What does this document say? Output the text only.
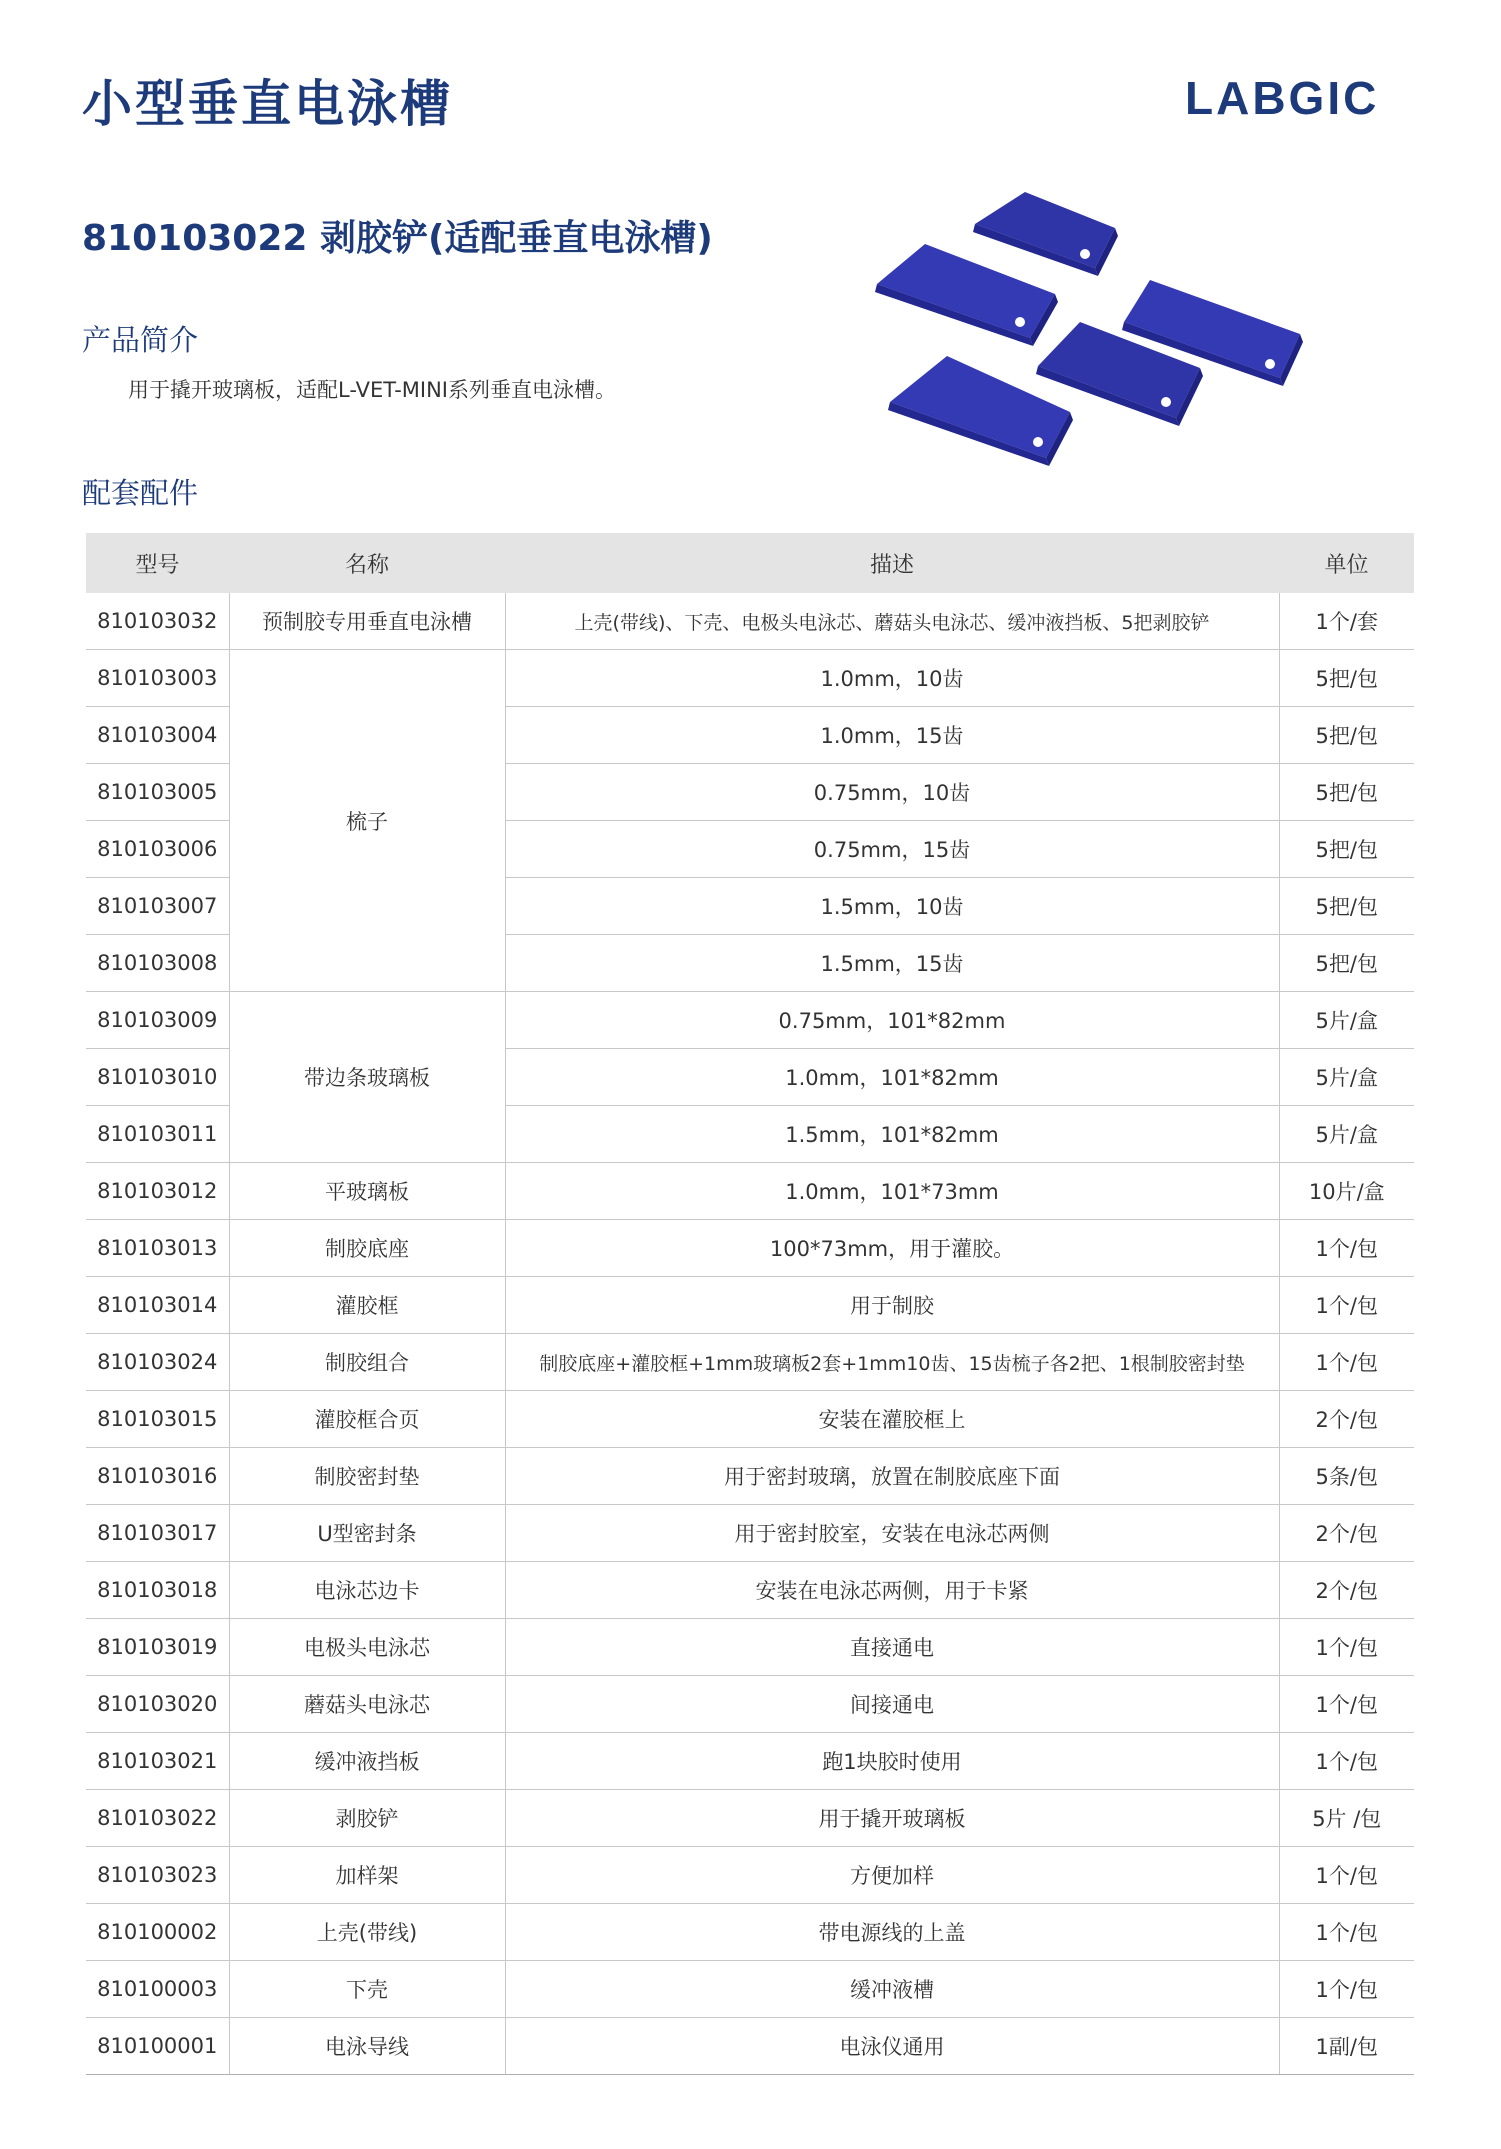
小型垂直电泳槽	LABGIC
810103022 剥胶铲(适配垂直电泳槽)
产品简介
用于撬开玻璃板，适配L-VET-MINI系列垂直电泳槽。
配套配件
型号	名称	描述	单位
810103032	预制胶专用垂直电泳槽	上壳(带线)、下壳、电极头电泳芯、蘑菇头电泳芯、缓冲液挡板、5把剥胶铲	1个/套
810103003	梳子	1.0mm，10齿	5把/包
810103004		1.0mm，15齿	5把/包
810103005		0.75mm，10齿	5把/包
810103006		0.75mm，15齿	5把/包
810103007		1.5mm，10齿	5把/包
810103008		1.5mm，15齿	5把/包
810103009	带边条玻璃板	0.75mm，101*82mm	5片/盒
810103010		1.0mm，101*82mm	5片/盒
810103011		1.5mm，101*82mm	5片/盒
810103012	平玻璃板	1.0mm，101*73mm	10片/盒
810103013	制胶底座	100*73mm，用于灌胶。	1个/包
810103014	灌胶框	用于制胶	1个/包
810103024	制胶组合	制胶底座+灌胶框+1mm玻璃板2套+1mm10齿、15齿梳子各2把、1根制胶密封垫	1个/包
810103015	灌胶框合页	安装在灌胶框上	2个/包
810103016	制胶密封垫	用于密封玻璃，放置在制胶底座下面	5条/包
810103017	U型密封条	用于密封胶室，安装在电泳芯两侧	2个/包
810103018	电泳芯边卡	安装在电泳芯两侧，用于卡紧	2个/包
810103019	电极头电泳芯	直接通电	1个/包
810103020	蘑菇头电泳芯	间接通电	1个/包
810103021	缓冲液挡板	跑1块胶时使用	1个/包
810103022	剥胶铲	用于撬开玻璃板	5片 /包
810103023	加样架	方便加样	1个/包
810100002	上壳(带线)	带电源线的上盖	1个/包
810100003	下壳	缓冲液槽	1个/包
810100001	电泳导线	电泳仪通用	1副/包
